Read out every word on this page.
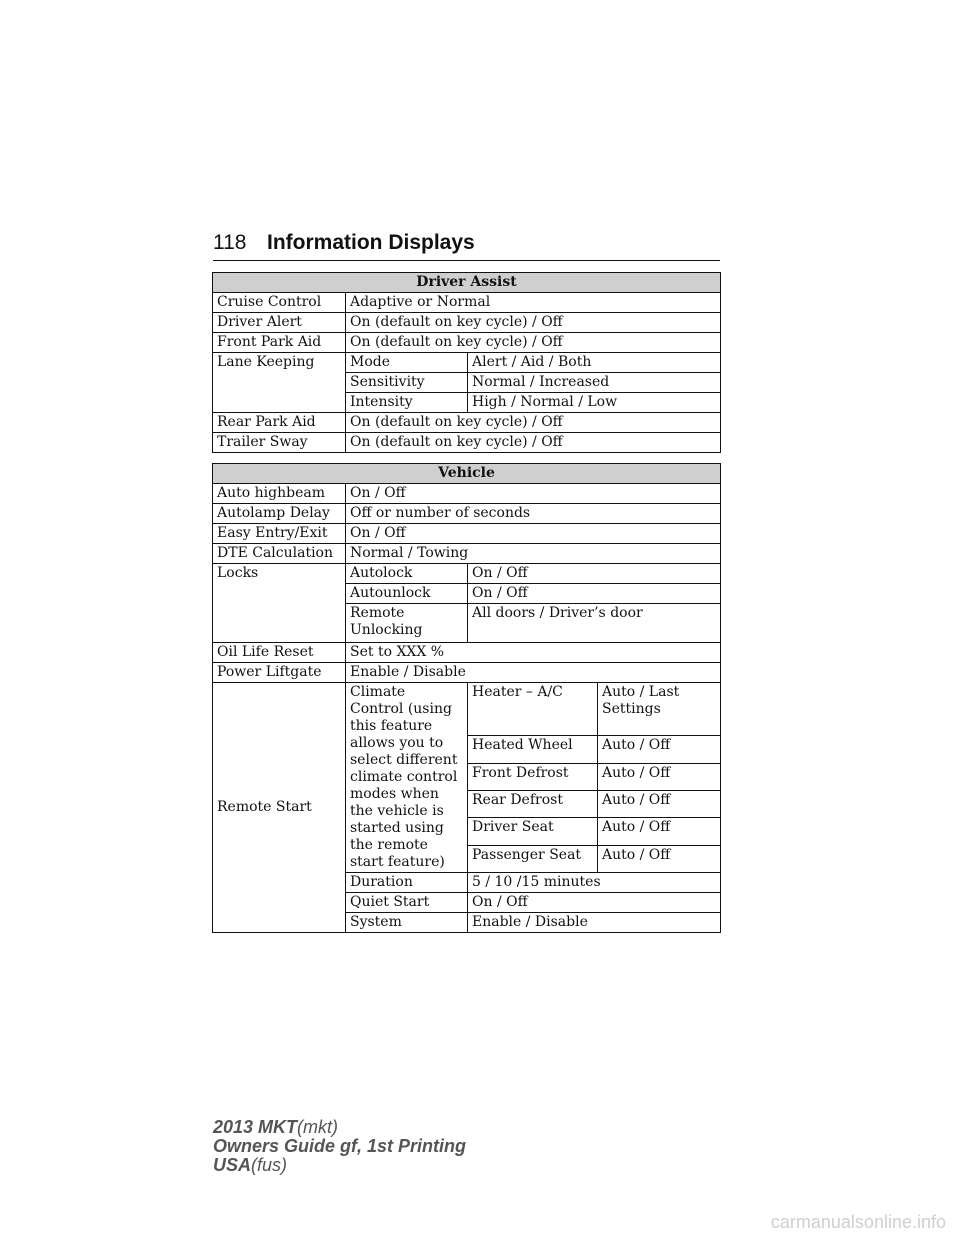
118 Information Displays
Driver Assist		
Cruise Control	Adaptive or Normal	
Driver Alert	On (default on key cycle) / Off	
Front Park Aid	On (default on key cycle) / Off	
Lane Keeping	Mode	Alert / Aid / Both
	Sensitivity	Normal / Increased
	Intensity	High / Normal / Low
Rear Park Aid	On (default on key cycle) / Off	
Trailer Sway	On (default on key cycle) / Off	
Vehicle			
Auto highbeam	On / Off		
Autolamp Delay	Off or number of seconds		
Easy Entry/Exit	On / Off		
DTE Calculation	Normal / Towing		
Locks	Autolock	On / Off	
	Autounlock	On / Off	
	Remote Unlocking	All doors / Driver’s door	
Oil Life Reset	Set to XXX %		
Power Liftgate	Enable / Disable		
Remote Start	Climate Control (using this feature allows you to select different climate control modes when the vehicle is started using the remote start feature)	Heater – A/C	Auto / Last Settings
		Heated Wheel	Auto / Off
		Front Defrost	Auto / Off
		Rear Defrost	Auto / Off
		Driver Seat	Auto / Off
		Passenger Seat	Auto / Off
	Duration	5 / 10 /15 minutes	
	Quiet Start	On / Off	
	System	Enable / Disable	
2013 MKT(mkt)
Owners Guide gf, 1st Printing
USA(fus)
carmanualsonline.info
